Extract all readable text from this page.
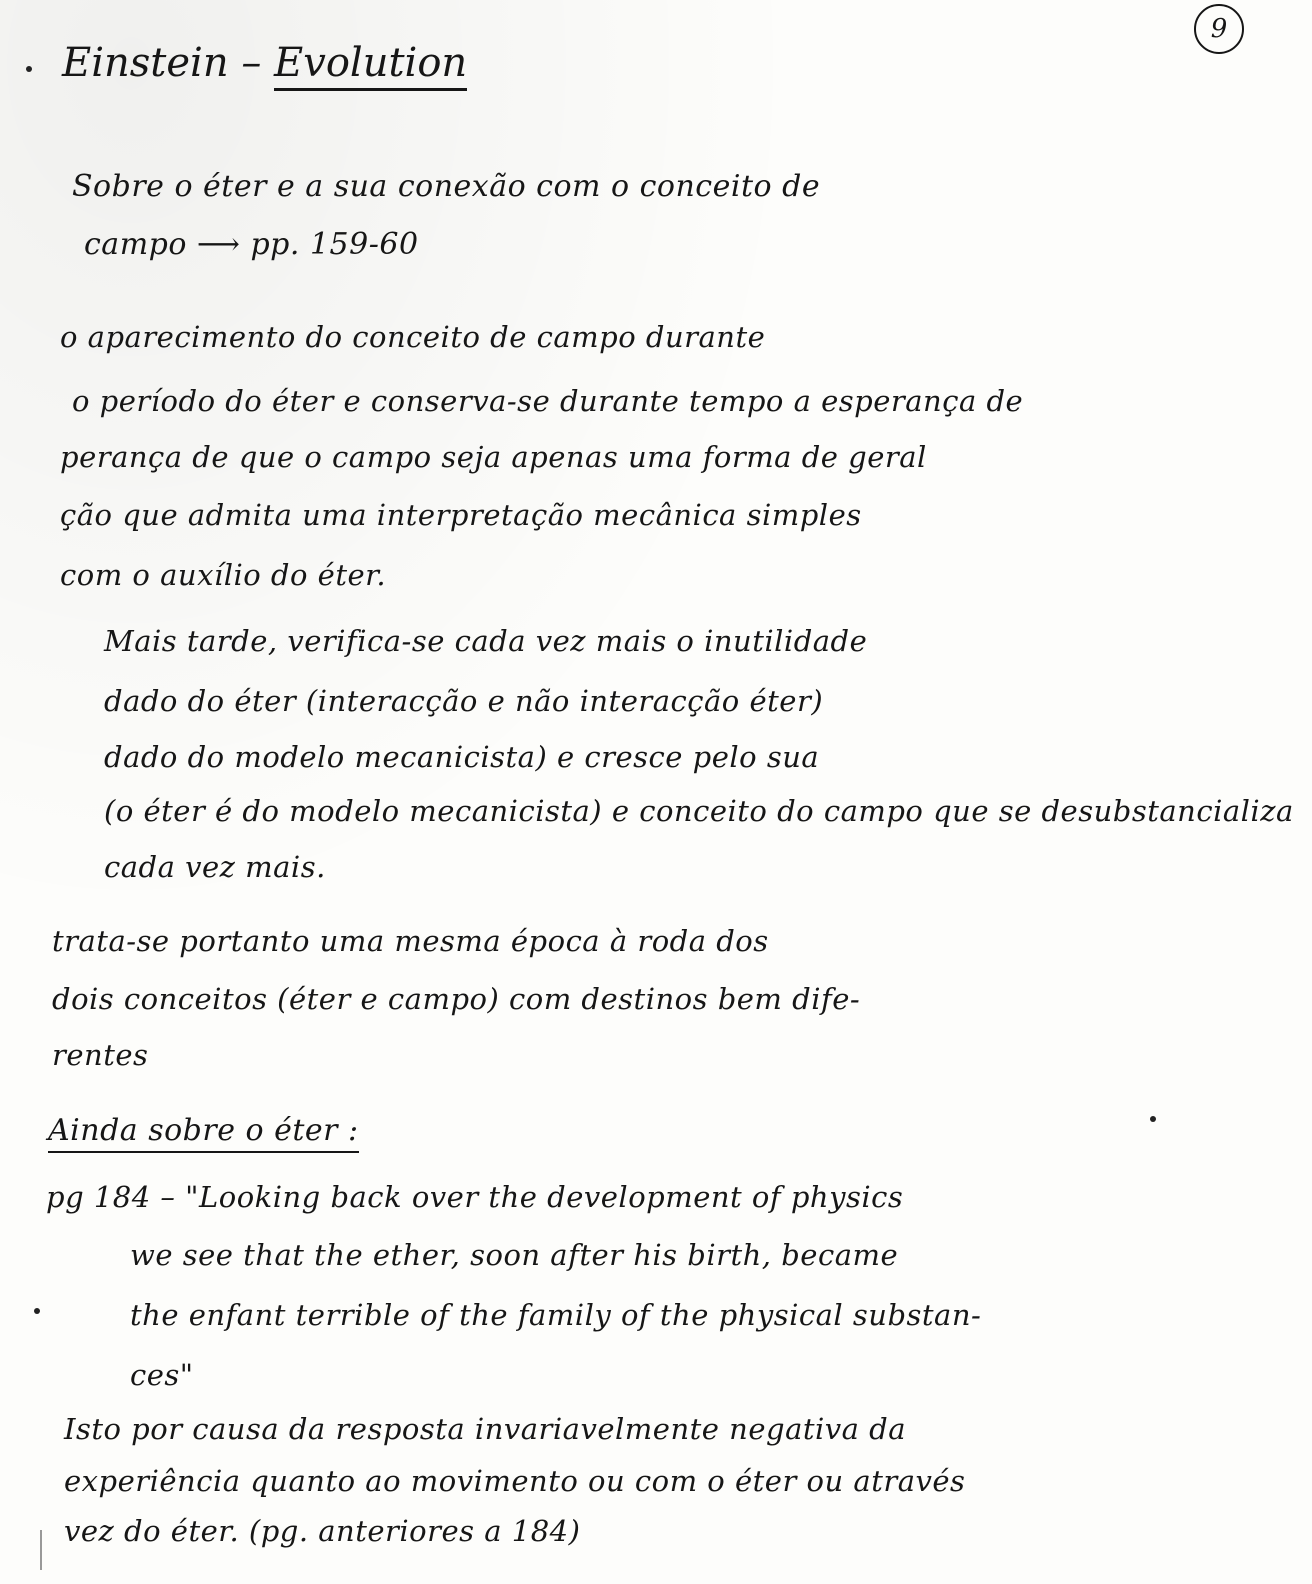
9
Einstein – Evolution
Sobre o éter e a sua conexão com o conceito de
campo ⟶ pp. 159-60
o aparecimento do conceito de campo durante
o período do éter e conserva-se durante tempo a esperança de
perança de que o campo seja apenas uma forma de geral
ção que admita uma interpretação mecânica simples
com o auxílio do éter.
Mais tarde, verifica-se cada vez mais o inutilidade
dado do éter (interacção e não interacção éter)
dado do modelo mecanicista) e cresce pelo sua
(o éter é do modelo mecanicista) e conceito do campo que se desubstancializa
cada vez mais.
trata-se portanto uma mesma época à roda dos
dois conceitos (éter e campo) com destinos bem dife-
rentes
Ainda sobre o éter :
pg 184 – "Looking back over the development of physics
we see that the ether, soon after his birth, became
the enfant terrible of the family of the physical substan-
ces"
Isto por causa da resposta invariavelmente negativa da
experiência quanto ao movimento ou com o éter ou através
vez do éter. (pg. anteriores a 184)
